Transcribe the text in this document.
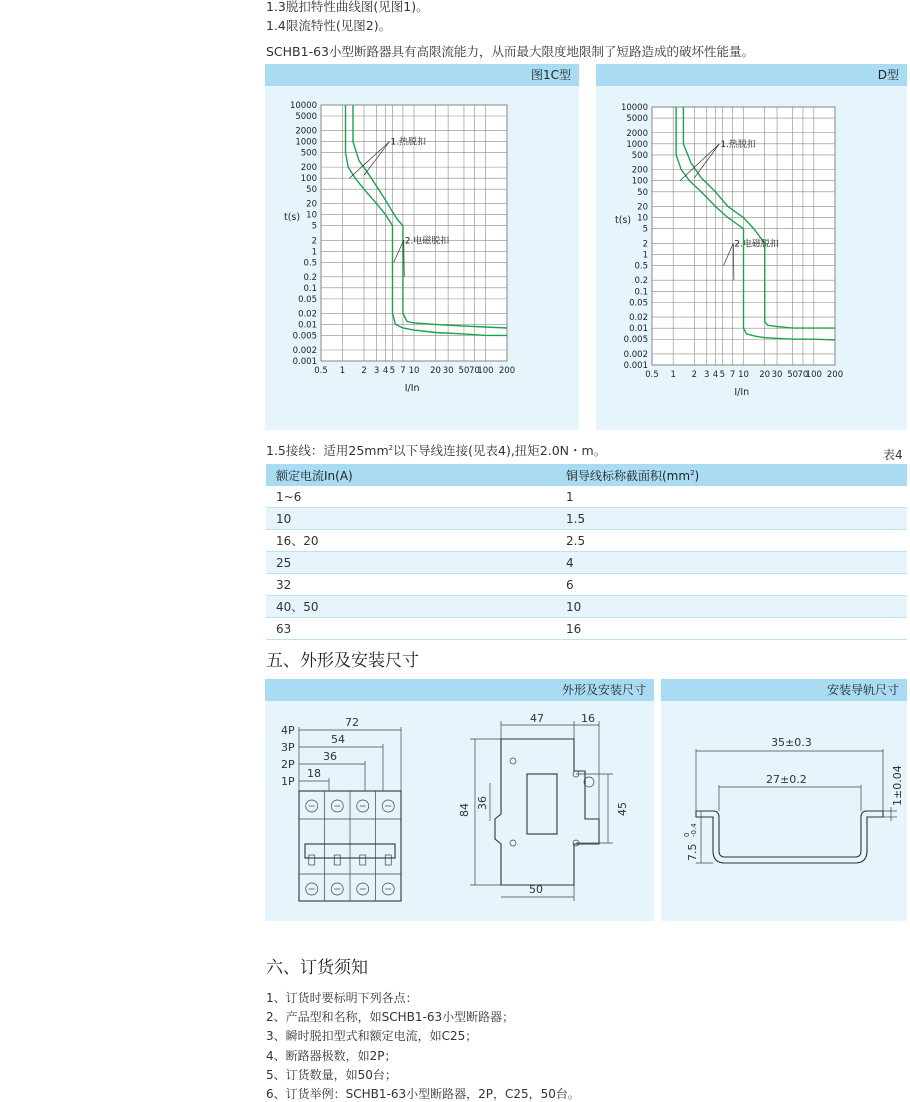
1.3脱扣特性曲线图(见图1)。
1.4限流特性(见图2)。
SCHB1-63小型断路器具有高限流能力，从而最大限度地限制了短路造成的破坏性能量。
图1C型
0.5 1 2 3 4 5 7 10 20 30 50 70
100 200
10000
5000
2000
1000
500
200
100
50
20
10
5
2
1
0.5
0.2
0.1
0.05
0.02
0.01
0.005
0.002
0.001
t(s)
I/In
1.热脱扣
2.电磁脱扣
D型
0.5 1 2 3 4 5 7 10 20 30 50 70
100 200
10000
5000
2000
1000
500
200
100
50
20
10
5
2
1
0.5
0.2
0.1
0.05
0.02
0.01
0.005
0.002
0.001
t(s)
I/In
1.热脱扣
2.电磁脱扣
1.5接线：适用$25mm^2$以下导线连接(见表4),扭矩2.0N・m。	表4
额定电流In(A)	铜导线标称截面积$(mm^2)$
1~6	1
10	1.5
16、20	2.5
25	4
32	6
40、50	10
63	16
五、外形及安装尺寸
外形及安装尺寸
4P
3P
2P
1P
72
54
36
18
47	16
84 36	45
50
安装导轨尺寸
35±0.3
27±0.2
7.5
0 -0.4
1±0.04
六、订货须知
1、订货时要标明下列各点：
2、产品型和名称，如SCHB1-63小型断路器；
3、瞬时脱扣型式和额定电流，如C25；
4、断路器极数，如2P；
5、订货数量，如50台；
6、订货举例：SCHB1-63小型断路器，2P，C25，50台。
